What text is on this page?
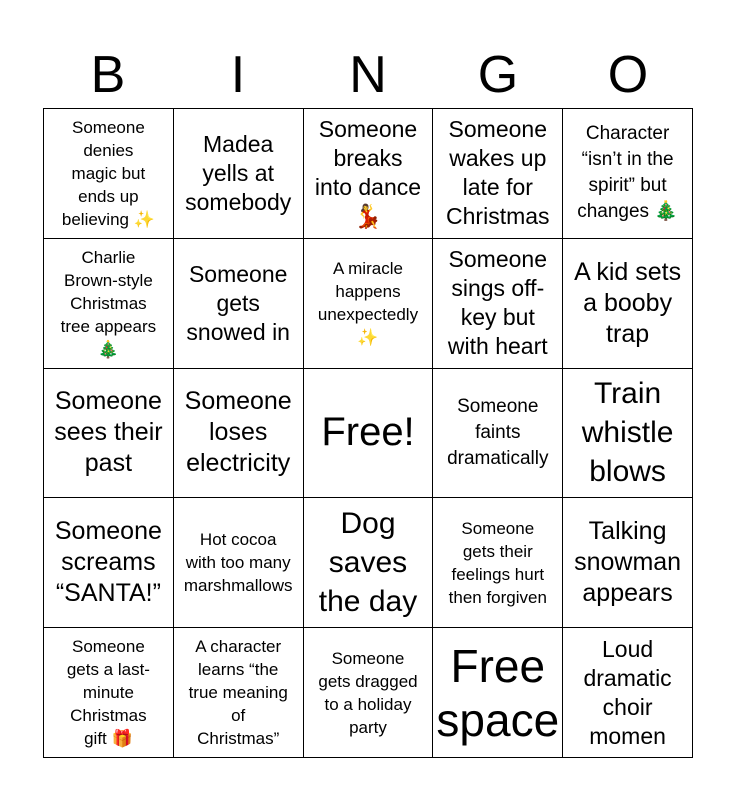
B	I	N	G	O
Someone
denies
magic but
ends up
believing ✨
Madea
yells at
somebody
Someone
breaks
into dance
💃
Someone
wakes up
late for
Christmas
Character
“isn’t in the
spirit” but
changes 🎄
Charlie
Brown-style
Christmas
tree appears
🎄
Someone
gets
snowed in
A miracle
happens
unexpectedly
✨
Someone
sings off-
key but
with heart
A kid sets
a booby
trap
Someone
sees their
past
Someone
loses
electricity
Free!
Someone
faints
dramatically
Train
whistle
blows
Someone
screams
“SANTA!”
Hot cocoa
with too many
marshmallows
Dog
saves
the day
Someone
gets their
feelings hurt
then forgiven
Talking
snowman
appears
Someone
gets a last-
minute
Christmas
gift 🎁
A character
learns “the
true meaning
of
Christmas”
Someone
gets dragged
to a holiday
party
Free
space
Loud
dramatic
choir
momen
